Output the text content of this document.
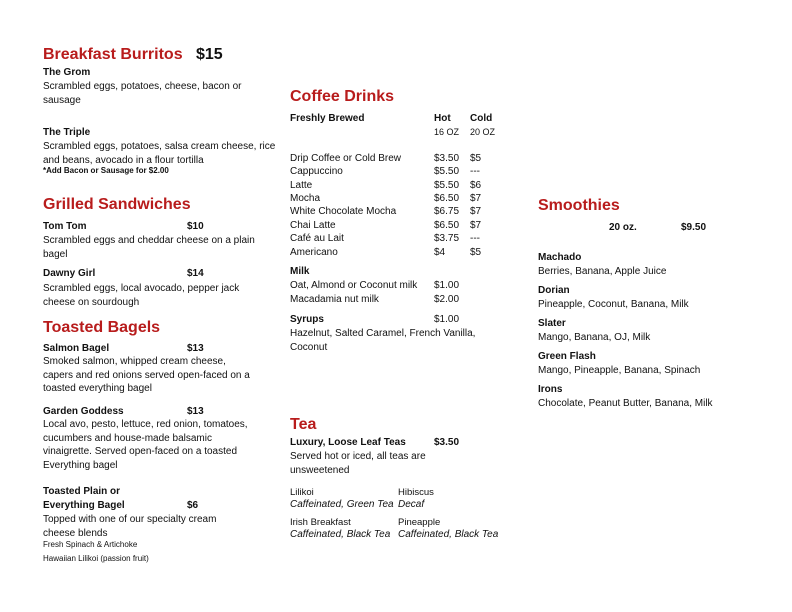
Breakfast Burritos $15
The Grom
Scrambled eggs, potatoes, cheese, bacon or sausage
The Triple
Scrambled eggs, potatoes, salsa cream cheese, rice and beans, avocado in a flour tortilla
*Add Bacon or Sausage for $2.00
Grilled Sandwiches
Tom Tom	$10
Scrambled eggs and cheddar cheese on a plain bagel
Dawny Girl	$14
Scrambled eggs, local avocado, pepper jack cheese on sourdough
Toasted Bagels
Salmon Bagel	$13
Smoked salmon, whipped cream cheese, capers and red onions served open-faced on a toasted everything bagel
Garden Goddess	$13
Local avo, pesto, lettuce, red onion, tomatoes, cucumbers and house-made balsamic vinaigrette. Served open-faced on a toasted Everything bagel
Toasted Plain or
Everything Bagel	$6
Topped with one of our specialty cream cheese blends
Fresh Spinach & Artichoke
Hawaiian Lilikoi (passion fruit)
Coffee Drinks
Freshly Brewed	Hot Cold
16 OZ 20 OZ
Drip Coffee or Cold Brew	$3.50 $5
Cappuccino	$5.50 ---
Latte	$5.50 $6
Mocha	$6.50 $7
White Chocolate Mocha	$6.75 $7
Chai Latte	$6.50 $7
Café au Lait	$3.75 ---
Americano	$4 $5
Milk
Oat, Almond or Coconut milk $1.00
Macadamia nut milk	$2.00
Syrups	$1.00
Hazelnut, Salted Caramel, French Vanilla, Coconut
Tea
Luxury, Loose Leaf Teas	$3.50
Served hot or iced, all teas are unsweetened
Lilikoi
Caffeinated, Green Tea
Hibiscus
Decaf
Irish Breakfast
Caffeinated, Black Tea
Pineapple
Caffeinated, Black Tea
Smoothies
20 oz.	$9.50
Machado
Berries, Banana, Apple Juice
Dorian
Pineapple, Coconut, Banana, Milk
Slater
Mango, Banana, OJ, Milk
Green Flash
Mango, Pineapple, Banana, Spinach
Irons
Chocolate, Peanut Butter, Banana, Milk
